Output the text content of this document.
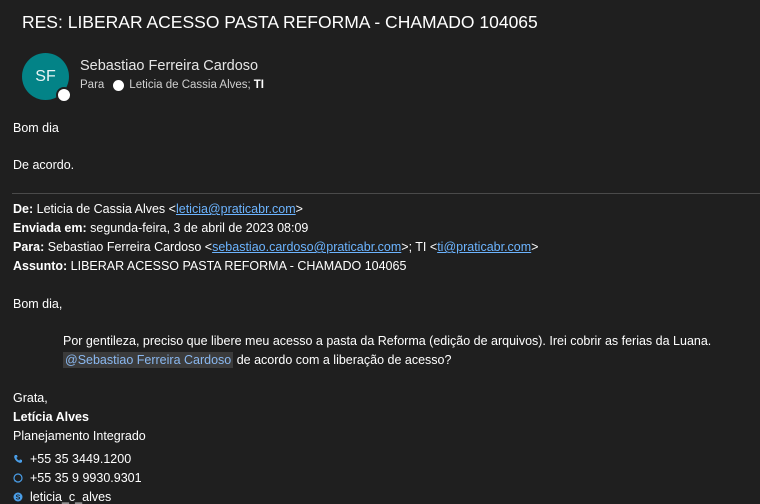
RES: LIBERAR ACESSO PASTA REFORMA - CHAMADO 104065
SF
Sebastiao Ferreira Cardoso
Para Leticia de Cassia Alves; TI
Bom dia
De acordo.
De: Leticia de Cassia Alves <leticia@praticabr.com>
Enviada em: segunda-feira, 3 de abril de 2023 08:09
Para: Sebastiao Ferreira Cardoso <sebastiao.cardoso@praticabr.com>; TI <ti@praticabr.com>
Assunto: LIBERAR ACESSO PASTA REFORMA - CHAMADO 104065
Bom dia,
Por gentileza, preciso que libere meu acesso a pasta da Reforma (edição de arquivos). Irei cobrir as ferias da Luana.
@Sebastiao Ferreira Cardoso de acordo com a liberação de acesso?
Grata,
Letícia Alves
Planejamento Integrado
+55 35 3449.1200
+55 35 9 9930.9301
S leticia_c_alves
